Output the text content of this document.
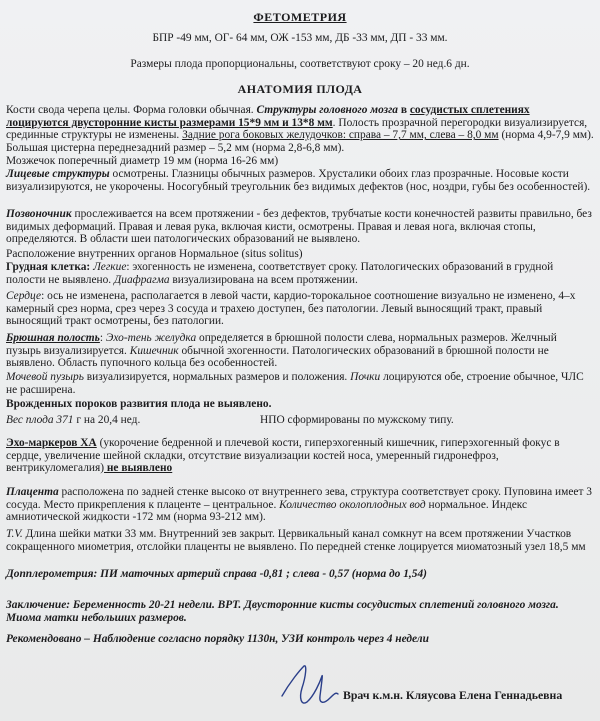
ФЕТОМЕТРИЯ
БПР -49 мм, ОГ- 64 мм, ОЖ -153 мм, ДБ -33 мм, ДП - 33 мм.
Размеры плода пропорциональны, соответствуют сроку – 20 нед.6 дн.
АНАТОМИЯ ПЛОДА
Кости свода черепа целы. Форма головки обычная. Структуры головного мозга в сосудистых сплетениях лоцируются двусторонние кисты размерами 15*9 мм и 13*8 мм. Полость прозрачной перегородки визуализируется, срединные структуры не изменены. Задние рога боковых желудочков: справа – 7,7 мм, слева – 8,0 мм (норма 4,9-7,9 мм). Большая цистерна переднезадний размер – 5,2 мм (норма 2,8-6,8 мм).
Мозжечок поперечный диаметр 19 мм (норма 16-26 мм)
Лицевые структуры осмотрены. Глазницы обычных размеров. Хрусталики обоих глаз прозрачные. Носовые кости визуализируются, не укорочены. Носогубный треугольник без видимых дефектов (нос, ноздри, губы без особенностей).
Позвоночник прослеживается на всем протяжении - без дефектов, трубчатые кости конечностей развиты правильно, без видимых деформаций. Правая и левая рука, включая кисти, осмотрены. Правая и левая нога, включая стопы, определяются. В области шеи патологических образований не выявлено.
Расположение внутренних органов Нормальное (situs solitus)
Грудная клетка: Легкие: эхогенность не изменена, соответствует сроку. Патологических образований в грудной полости не выявлено. Диафрагма визуализирована на всем протяжении.
Сердце: ось не изменена, располагается в левой части, кардио-торокальное соотношение визуально не изменено, 4–х камерный срез норма, срез через 3 сосуда и трахею доступен, без патологии. Левый выносящий тракт, правый выносящий тракт осмотрены, без патологии.
Брюшная полость: Эхо-тень желудка определяется в брюшной полости слева, нормальных размеров. Желчный пузырь визуализируется. Кишечник обычной эхогенности. Патологических образований в брюшной полости не выявлено. Область пупочного кольца без особенностей.
Мочевой пузырь визуализируется, нормальных размеров и положения. Почки лоцируются обе, строение обычное, ЧЛС не расширена.
Врожденных пороков развития плода не выявлено.
Вес плода 371 г на 20,4 нед.	НПО сформированы по мужскому типу.
Эхо-маркеров ХА (укорочение бедренной и плечевой кости, гиперэхогенный кишечник, гиперэхогенный фокус в сердце, увеличение шейной складки, отсутствие визуализации костей носа, умеренный гидронефроз, вентрикуломегалия) не выявлено
Плацента расположена по задней стенке высоко от внутреннего зева, структура соответствует сроку. Пуповина имеет 3 сосуда. Место прикрепления к плаценте – центральное. Количество околоплодных вод нормальное. Индекс амниотической жидкости -172 мм (норма 93-212 мм).
T.V. Длина шейки матки 33 мм. Внутренний зев закрыт. Цервикальный канал сомкнут на всем протяжении Участков сокращенного миометрия, отслойки плаценты не выявлено. По передней стенке лоцируется миоматозный узел 18,5 мм
Допплерометрия: ПИ маточных артерий справа -0,81 ; слева - 0,57 (норма до 1,54)
Заключение: Беременность 20-21 недели. ВРТ. Двусторонние кисты сосудистых сплетений головного мозга. Миома матки небольших размеров.
Рекомендовано – Наблюдение согласно порядку 1130н, УЗИ контроль через 4 недели
Врач к.м.н. Кляусова Елена Геннадьевна
